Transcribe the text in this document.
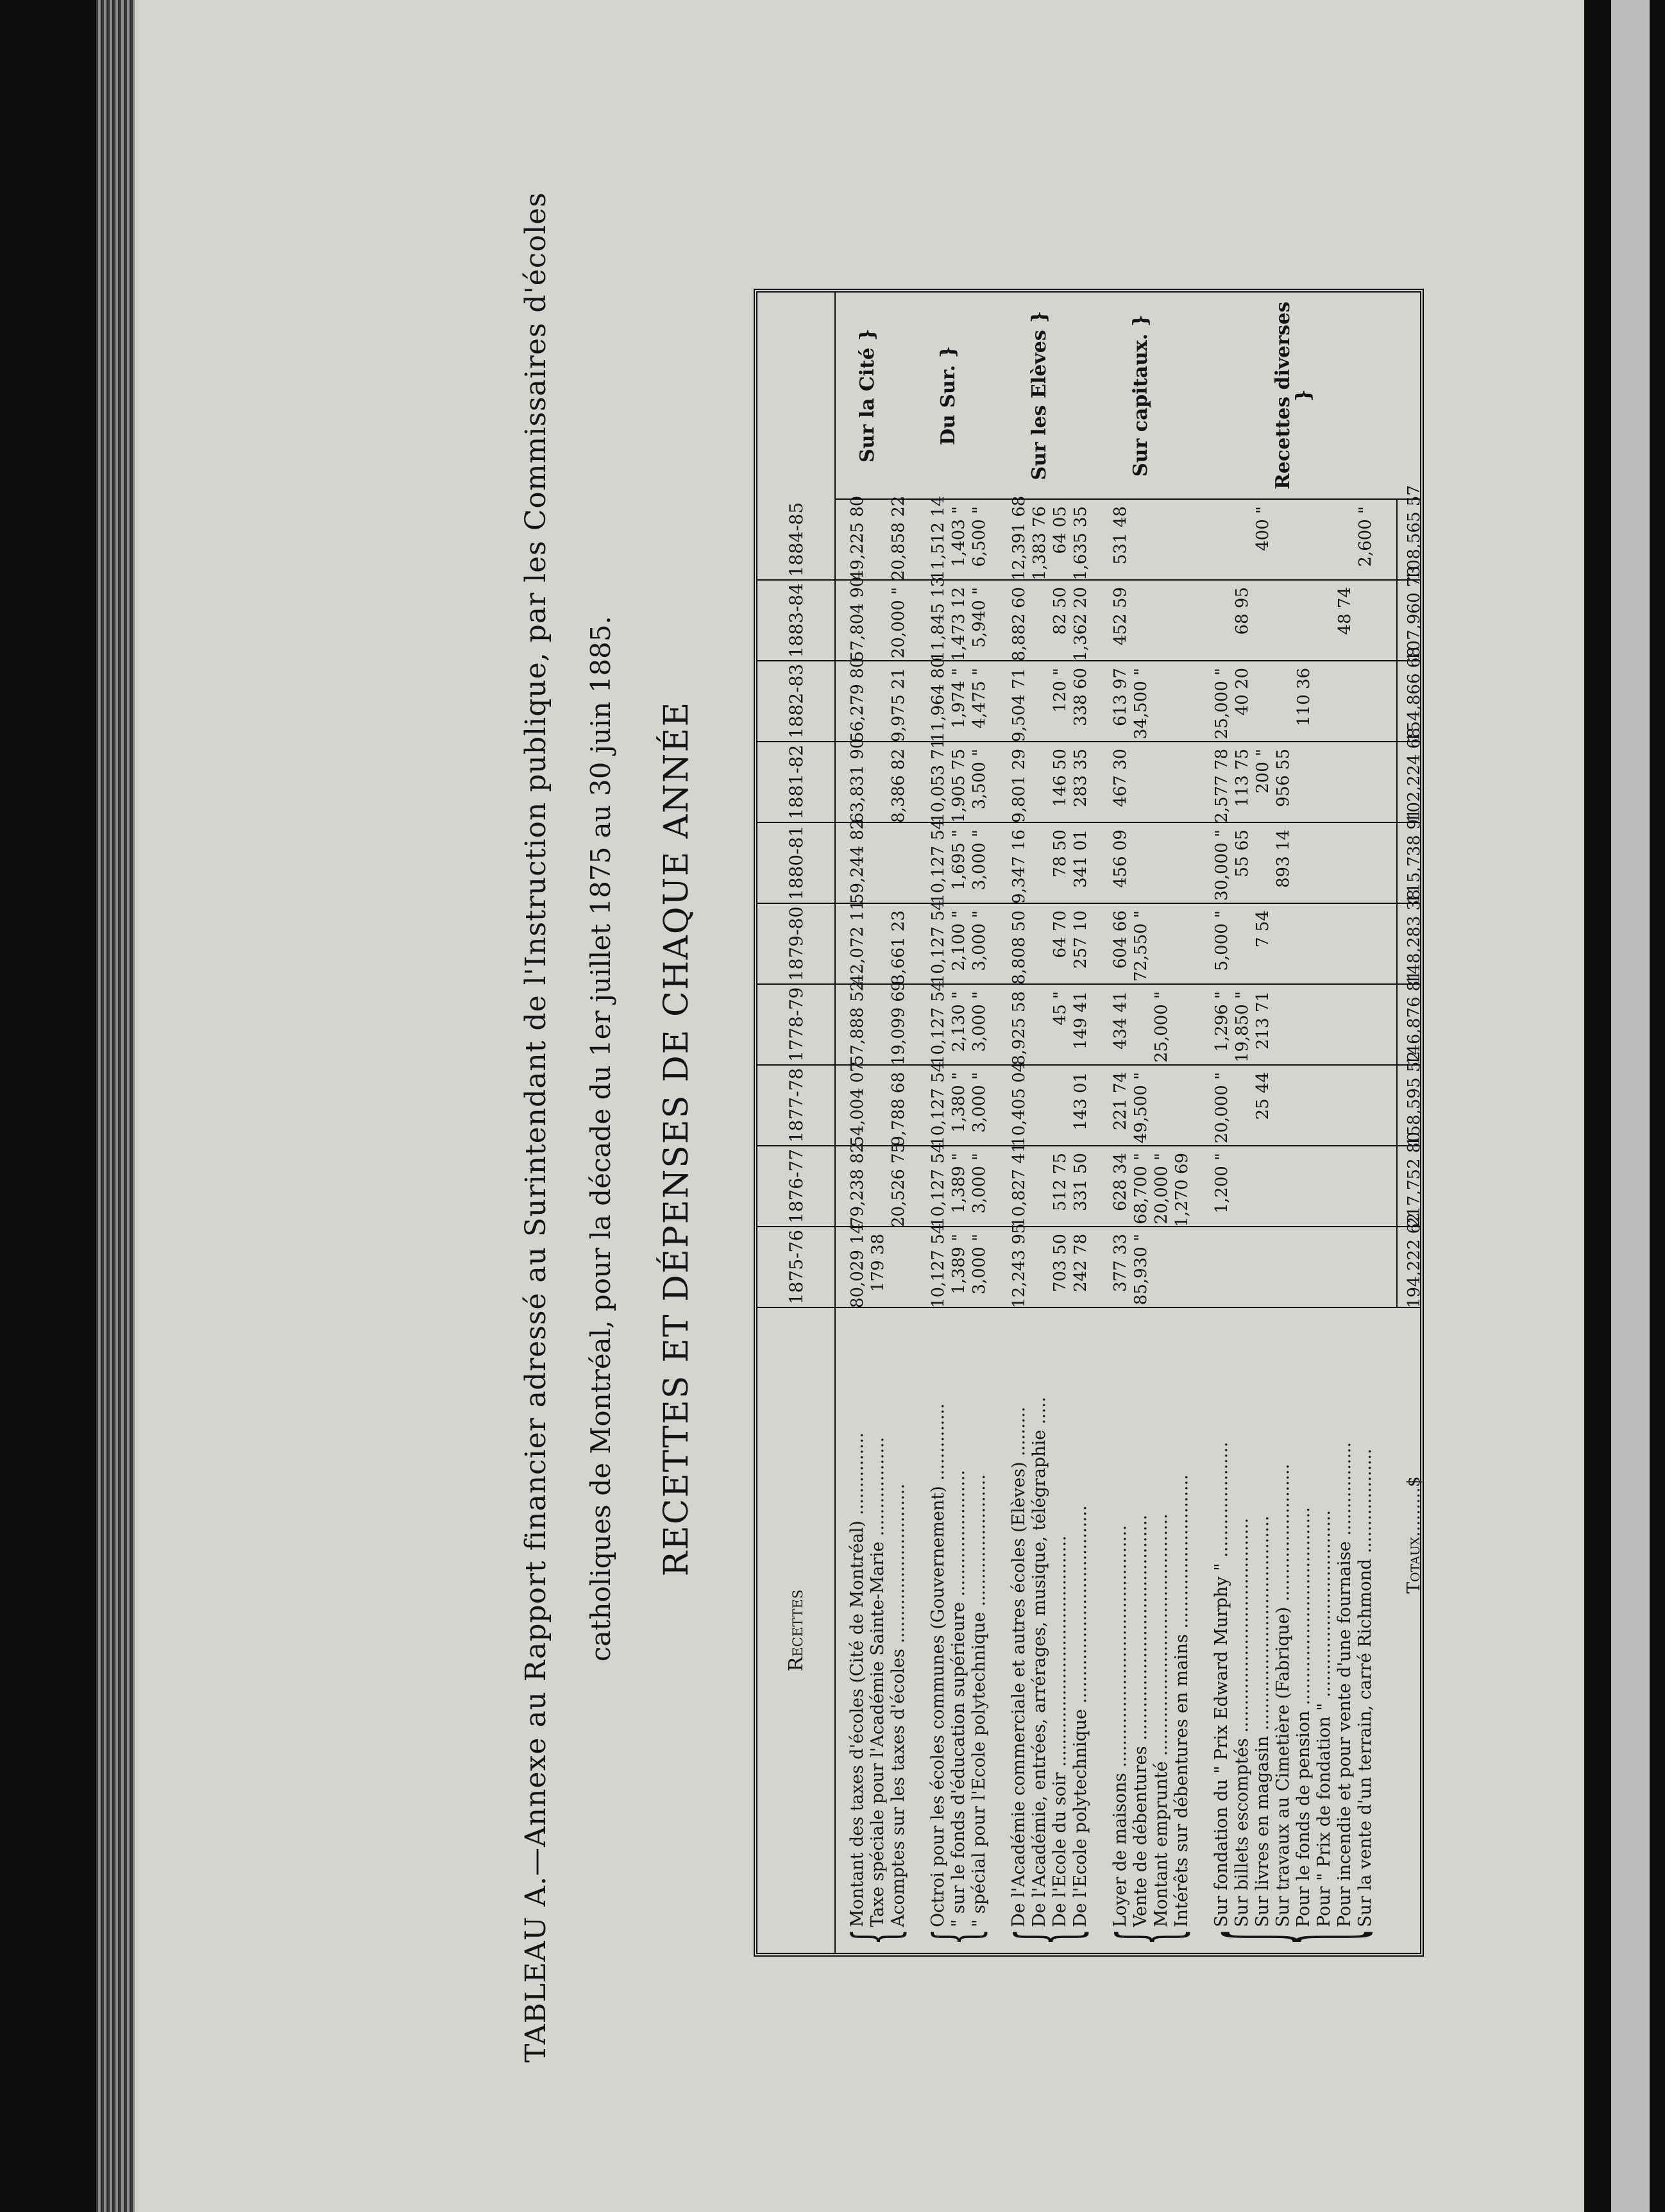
TABLEAU A.—Annexe au Rapport financier adressé au Surintendant de l'Instruction publique, par les Commissaires d'écoles catholiques de Montréal, pour la décade du 1er juillet 1875 au 30 juin 1885. RECETTES ET DÉPENSES DE CHAQUE ANNÉE
Recettes
1875-76
1876-77
1877-78
1778-79
1879-80
1880-81
1881-82
1882-83
1883-84
1884-85
{
Montant des taxes d'écoles (Cité de Montréal) ...............
80,029 14
79,238 82
54,004 07
57,888 52
42,072 11
59,244 82
63,831 90
56,279 80
57,804 90
49,225 80
Taxe spéciale pour l'Académie Sainte-Marie ..................
179 38
Acomptes sur les taxes d'écoles .............................
20,526 75
9,788 68
19,099 69
3,661 23
8,386 82
9,975 21
20,000 "
20,858 22
Sur la Cité }
{
Octroi pour les écoles communes (Gouvernement) ..............
10,127 54
10,127 54
10,127 54
10,127 54
10,127 54
10,127 54
10,053 71
11,964 80
11,845 13
11,512 14
" sur le fonds d'éducation supérieure .......................
1,389 "
1,389 "
1,380 "
2,130 "
2,100 "
1,695 "
1,905 75
1,974 "
1,473 12
1,403 "
" spécial pour l'Ecole polytechnique ........................
3,000 "
3,000 "
3,000 "
3,000 "
3,000 "
3,000 "
3,500 "
4,475 "
5,940 "
6,500 "
Du Sur. }
{
De l'Académie commerciale et autres écoles (Elèves) .........
12,243 95
10,827 41
10,405 04
8,925 58
8,808 50
9,347 16
9,801 29
9,504 71
8,882 60
12,391 68
De l'Académie, entrées, arrérages, musique, télégraphie .....
1,383 76
De l'Ecole du soir ..........................................
703 50
512 75
45 "
64 70
78 50
146 50
120 "
82 50
64 05
De l'Ecole polytechnique ....................................
242 78
331 50
143 01
149 41
257 10
341 01
283 35
338 60
1,362 20
1,635 35
Sur les Elèves }
{
Loyer de maisons ............................................
377 33
628 34
221 74
434 41
604 66
456 09
467 30
613 97
452 59
531 48
Vente de débentures .........................................
85,930 "
68,700 "
49,500 "
72,550 "
34,500 "
Montant emprunté ............................................
20,000 "
25,000 "
Intérêts sur débentures en mains ............................
1,270 69
Sur capitaux. }
{
Sur fondation du " Prix Edward Murphy " .....................
1,200 "
20,000 "
1,296 "
5,000 "
30,000 "
2,577 78
25,000 "
Sur billets escomptés .......................................
19,850 "
55 65
113 75
40 20
68 95
Sur livres en magasin .......................................
25 44
213 71
7 54
200 "
400 "
Sur travaux au Cimetière (Fabrique) .........................
893 14
956 55
Pour le fonds de pension ....................................
110 36
Pour " Prix de fondation " .................................. Pour incendie et pour vente d'une fournaise .................
48 74
Sur la vente d'un terrain, carré Richmond ...................
2,600 "
Recettes diverses }
Totaux.........$
194,222 62
217,752 80
158,595 52
146,876 81
148,283 38
115,738 91
102,224 68
154,866 68
107,960 73
108,565 57
